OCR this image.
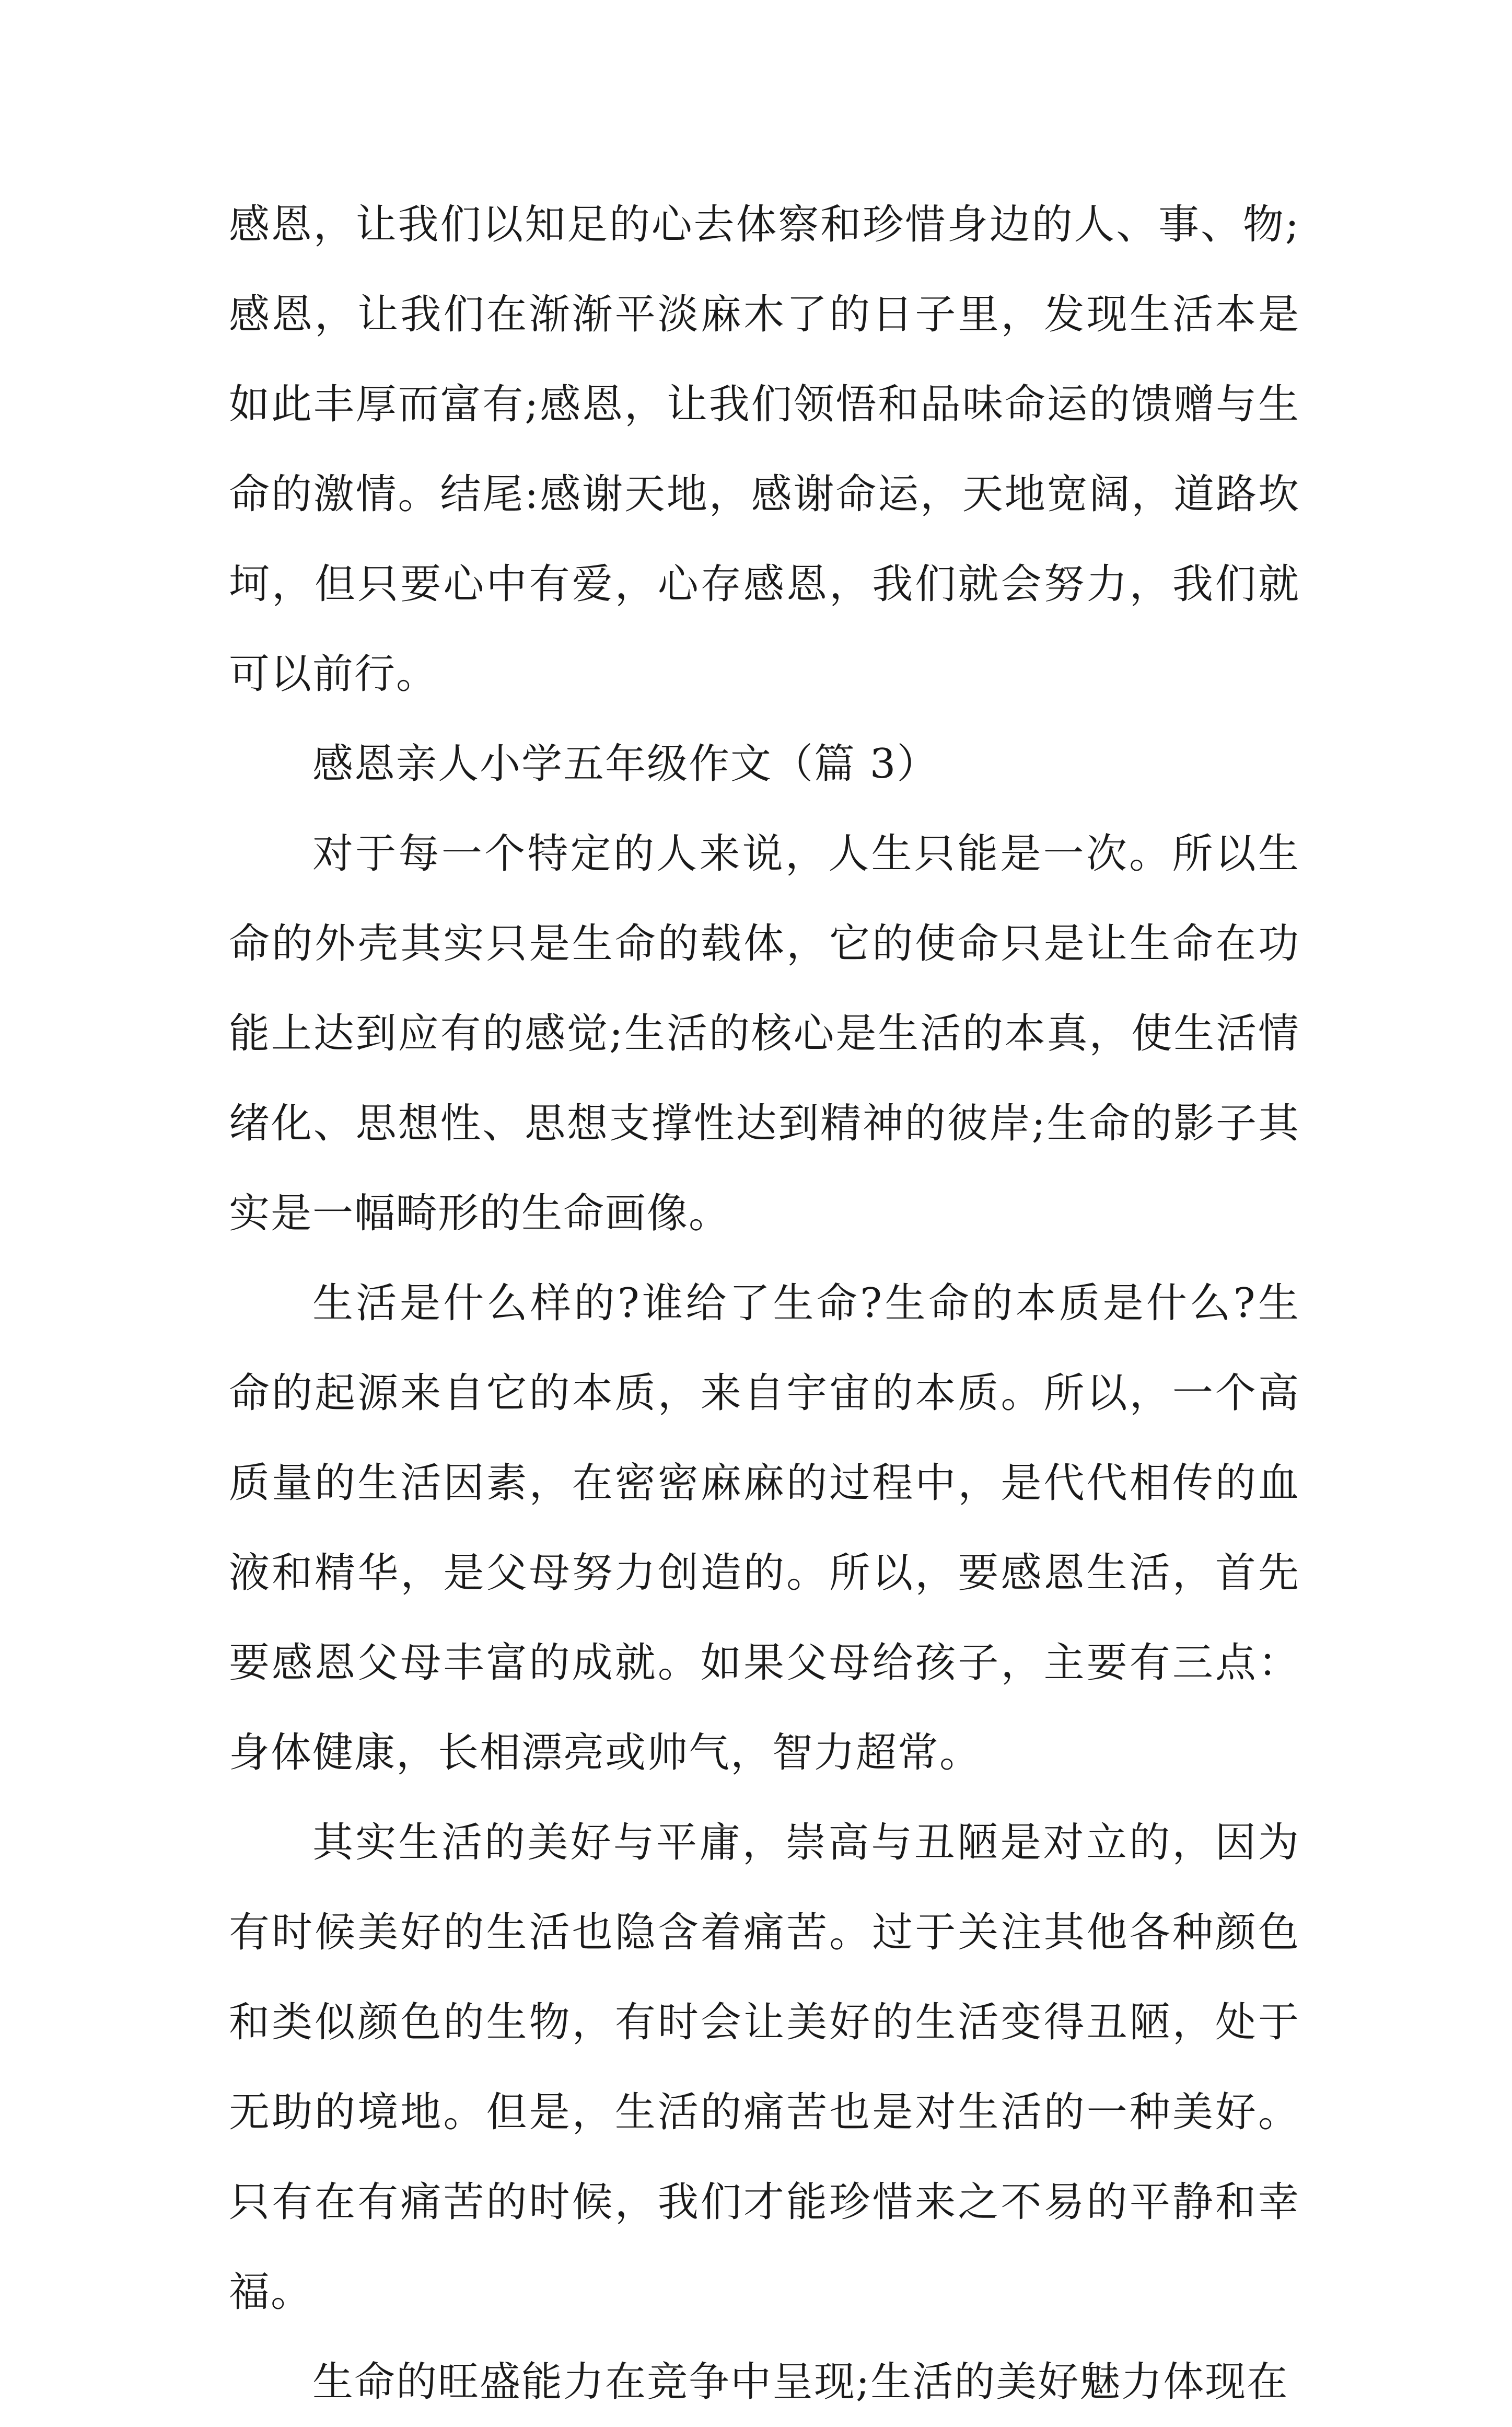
感恩，让我们以知足的心去体察和珍惜身边的人、事、物;感恩，让我们在渐渐平淡麻木了的日子里，发现生活本是如此丰厚而富有;感恩，让我们领悟和品味命运的馈赠与生命的激情。结尾:感谢天地，感谢命运，天地宽阔，道路坎坷，但只要心中有爱，心存感恩，我们就会努力，我们就可以前行。

感恩亲人小学五年级作文（篇 3）

对于每一个特定的人来说，人生只能是一次。所以生命的外壳其实只是生命的载体，它的使命只是让生命在功能上达到应有的感觉;生活的核心是生活的本真，使生活情绪化、思想性、思想支撑性达到精神的彼岸;生命的影子其实是一幅畸形的生命画像。

生活是什么样的?谁给了生命?生命的本质是什么?生命的起源来自它的本质，来自宇宙的本质。所以，一个高质量的生活因素，在密密麻麻的过程中，是代代相传的血液和精华，是父母努力创造的。所以，要感恩生活，首先要感恩父母丰富的成就。如果父母给孩子，主要有三点：身体健康，长相漂亮或帅气，智力超常。

其实生活的美好与平庸，崇高与丑陋是对立的，因为有时候美好的生活也隐含着痛苦。过于关注其他各种颜色和类似颜色的生物，有时会让美好的生活变得丑陋，处于无助的境地。但是，生活的痛苦也是对生活的一种美好。只有在有痛苦的时候，我们才能珍惜来之不易的平静和幸福。

生命的旺盛能力在竞争中呈现;生活的美好魅力体现在
